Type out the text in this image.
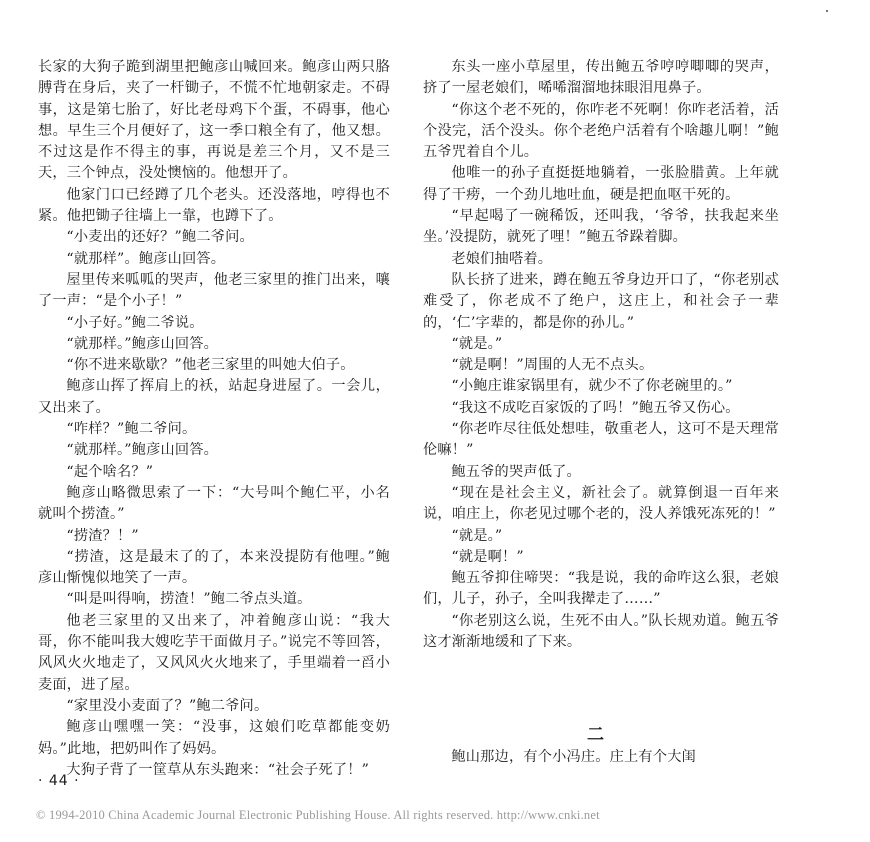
长家的大狗子跪到湖里把鲍彦山喊回来。鲍彦山两只胳膊背在身后，夹了一杆锄子，不慌不忙地朝家走。不碍事，这是第七胎了，好比老母鸡下个蛋，不碍事，他心想。早生三个月便好了，这一季口粮全有了，他又想。不过这是作不得主的事，再说是差三个月，又不是三天，三个钟点，没处懊恼的。他想开了。

他家门口已经蹲了几个老头。还没落地，哼得也不紧。他把锄子往墙上一靠，也蹲下了。

“小麦出的还好？”鲍二爷问。

“就那样”。鲍彦山回答。

屋里传来呱呱的哭声，他老三家里的推门出来，嚷了一声：“是个小子！”

“小子好。”鲍二爷说。

“就那样。”鲍彦山回答。

“你不进来歇歇？”他老三家里的叫她大伯子。

鲍彦山挥了挥肩上的袄，站起身进屋了。一会儿，又出来了。

“咋样？”鲍二爷问。

“就那样。”鲍彦山回答。

“起个啥名？”

鲍彦山略微思索了一下：“大号叫个鲍仁平，小名就叫个捞渣。”

“捞渣？！”

“捞渣，这是最末了的了，本来没提防有他哩。”鲍彦山惭愧似地笑了一声。

“叫是叫得响，捞渣！”鲍二爷点头道。

他老三家里的又出来了，冲着鲍彦山说：“我大哥，你不能叫我大嫂吃芋干面做月子。”说完不等回答，风风火火地走了，又风风火火地来了，手里端着一舀小麦面，进了屋。

“家里没小麦面了？”鲍二爷问。

鲍彦山嘿嘿一笑：“没事，这娘们吃草都能变奶妈。”此地，把奶叫作了妈妈。

大狗子背了一筐草从东头跑来：“社会子死了！”

东头一座小草屋里，传出鲍五爷哼哼唧唧的哭声，挤了一屋老娘们，唏唏溜溜地抹眼泪甩鼻子。

“你这个老不死的，你咋老不死啊！你咋老活着，活个没完，活个没头。你个老绝户活着有个啥趣儿啊！”鲍五爷咒着自个儿。

他唯一的孙子直挺挺地躺着，一张脸腊黄。上年就得了干痨，一个劲儿地吐血，硬是把血呕干死的。

“早起喝了一碗稀饭，还叫我，‘爷爷，扶我起来坐坐。’没提防，就死了哩！”鲍五爷跺着脚。

老娘们抽嗒着。

队长挤了进来，蹲在鲍五爷身边开口了，“你老别忒难受了，你老成不了绝户，这庄上，和社会子一辈的，‘仁’字辈的，都是你的孙儿。”

“就是。”

“就是啊！”周围的人无不点头。

“小鲍庄谁家锅里有，就少不了你老碗里的。”

“我这不成吃百家饭的了吗！”鲍五爷又伤心。

“你老咋尽往低处想哇，敬重老人，这可不是天理常伦嘛！”

鲍五爷的哭声低了。

“现在是社会主义，新社会了。就算倒退一百年来说，咱庄上，你老见过哪个老的，没人养饿死冻死的！”

“就是。”

“就是啊！”

鲍五爷抑住啼哭：“我是说，我的命咋这么狠，老娘们，儿子，孙子，全叫我撵走了……”

“你老别这么说，生死不由人。”队长规劝道。鲍五爷这才渐渐地缓和了下来。

二

鲍山那边，有个小冯庄。庄上有个大闺

· 44 ·
© 1994-2010 China Academic Journal Electronic Publishing House. All rights reserved. http://www.cnki.net
